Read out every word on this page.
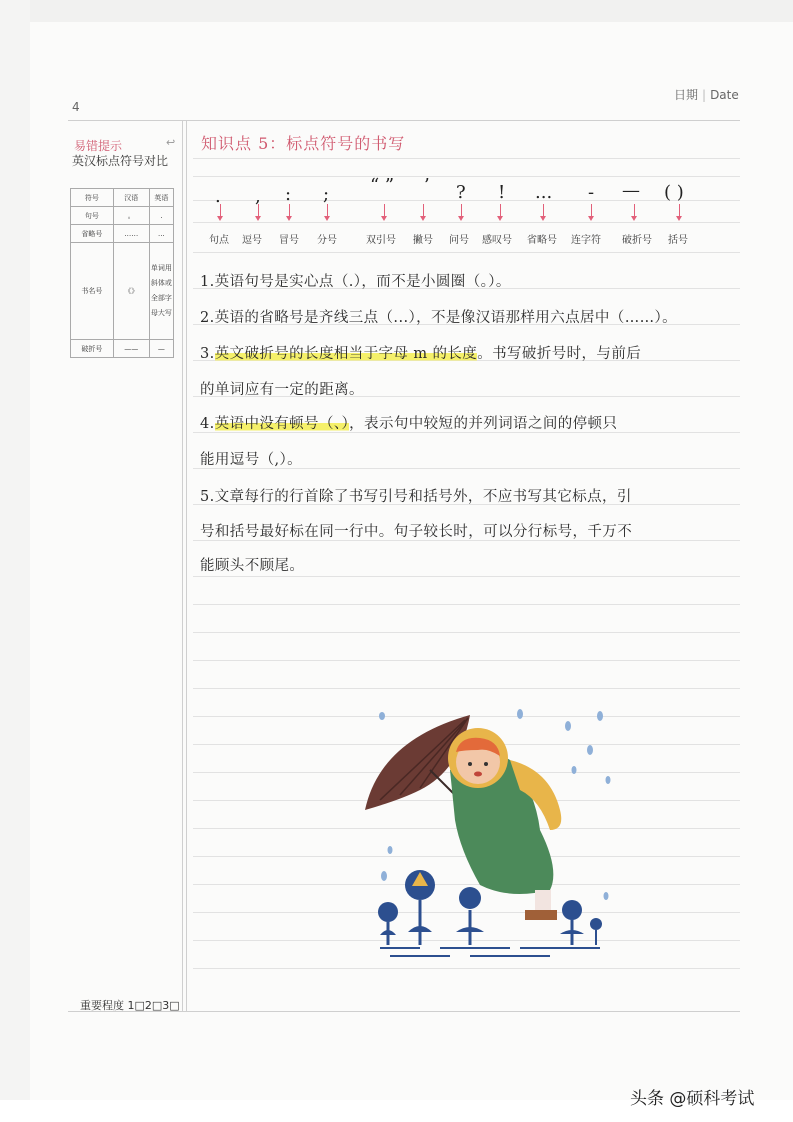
4
日期 | Date
易错提示	↩
英汉标点符号对比
符号	汉语	英语
句号	。	.
省略号	……	...
书名号	《》	单词用斜体或全部字母大写
破折号	——	—
重要程度 1□2□3□
知识点 5：标点符号的书写
. , : ; “ ” ’ ? ! ... - — ( )
句点 逗号 冒号 分号	双引号 撇号 问号 感叹号 省略号 连字符 破折号 括号
1.英语句号是实心点（.），而不是小圆圈（。）。
2.英语的省略号是齐线三点（...），不是像汉语那样用六点居中（……）。
3.英文破折号的长度相当于字母 m 的长度。书写破折号时，与前后
的单词应有一定的距离。
4.英语中没有顿号（、），表示句中较短的并列词语之间的停顿只
能用逗号（,）。
5.文章每行的行首除了书写引号和括号外，不应书写其它标点，引
号和括号最好标在同一行中。句子较长时，可以分行标号，千万不
能顾头不顾尾。
头条 @硕科考试
